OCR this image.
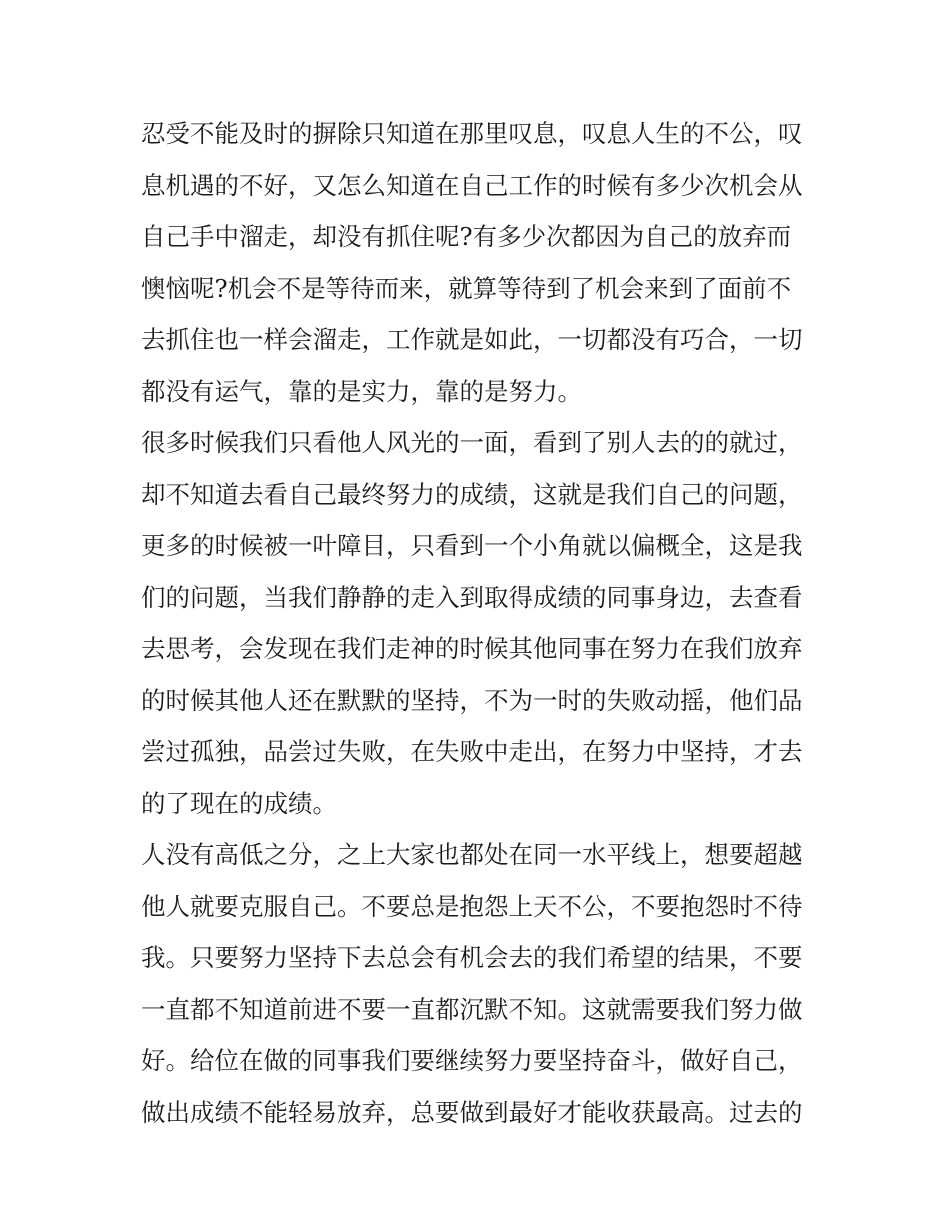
忍受不能及时的摒除只知道在那里叹息，叹息人生的不公，叹
息机遇的不好，又怎么知道在自己工作的时候有多少次机会从
自己手中溜走，却没有抓住呢?有多少次都因为自己的放弃而
懊恼呢?机会不是等待而来，就算等待到了机会来到了面前不
去抓住也一样会溜走，工作就是如此，一切都没有巧合，一切
都没有运气，靠的是实力，靠的是努力。
很多时候我们只看他人风光的一面，看到了别人去的的就过，
却不知道去看自己最终努力的成绩，这就是我们自己的问题，
更多的时候被一叶障目，只看到一个小角就以偏概全，这是我
们的问题，当我们静静的走入到取得成绩的同事身边，去查看
去思考，会发现在我们走神的时候其他同事在努力在我们放弃
的时候其他人还在默默的坚持，不为一时的失败动摇，他们品
尝过孤独，品尝过失败，在失败中走出，在努力中坚持，才去
的了现在的成绩。
人没有高低之分，之上大家也都处在同一水平线上，想要超越
他人就要克服自己。不要总是抱怨上天不公，不要抱怨时不待
我。只要努力坚持下去总会有机会去的我们希望的结果，不要
一直都不知道前进不要一直都沉默不知。这就需要我们努力做
好。给位在做的同事我们要继续努力要坚持奋斗，做好自己，
做出成绩不能轻易放弃，总要做到最好才能收获最高。过去的
